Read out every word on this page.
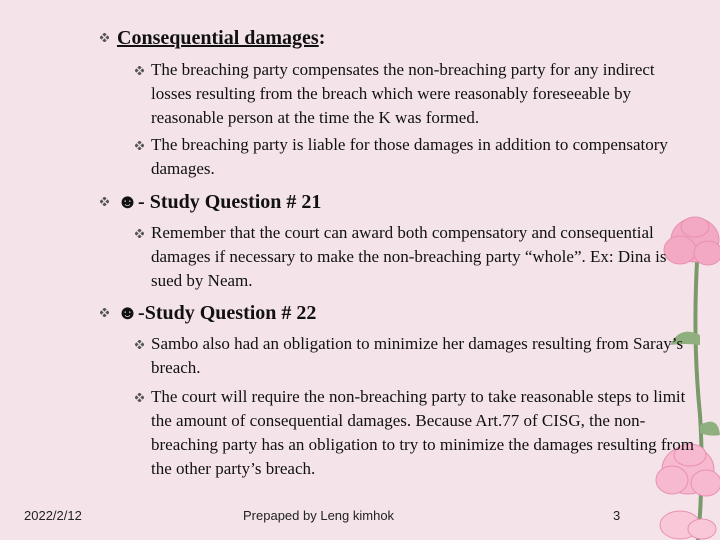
Consequential damages:
The breaching party compensates the non-breaching party for any indirect losses resulting from the breach which were reasonably foreseeable by reasonable person at the time the K was formed.
The breaching party is liable for those damages in addition to compensatory damages.
☻- Study Question # 21
Remember that the court can award both compensatory and consequential damages if necessary to make the non-breaching party “whole”. Ex: Dina is sued by Neam.
☻-Study Question # 22
Sambo also had an obligation to minimize her damages resulting from Saray’s breach.
The court will require the non-breaching party to take reasonable steps to limit the amount of consequential damages. Because Art.77 of CISG, the non-breaching party has an obligation to try to minimize the damages resulting from the other party’s breach.
2022/2/12	Prepaped by Leng kimhok	3
